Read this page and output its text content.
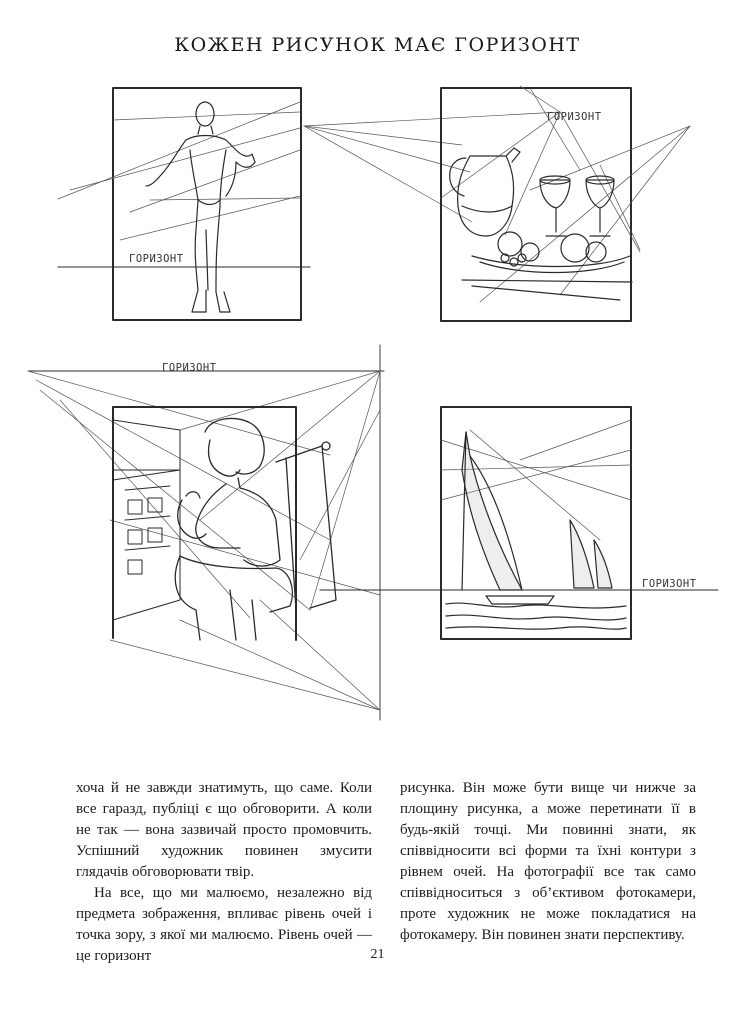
КОЖЕН РИСУНОК МАЄ ГОРИЗОНТ
ГОРИЗОНТ
ГОРИЗОНТ
ГОРИЗОНТ
ГОРИЗОНТ

хоча й не завжди знатимуть, що саме. Коли все гаразд, публіці є що обговорити. А коли не так — вона зазвичай просто промовчить. Успішний художник повинен змусити глядачів обговорювати твір.

На все, що ми малюємо, незалежно від предмета зображення, впливає рівень очей і точка зору, з якої ми малюємо. Рівень очей — це горизонт

рисунка. Він може бути вище чи нижче за площину рисунка, а може перетинати її в будь-якій точці. Ми повинні знати, як співвідносити всі форми та їхні контури з рівнем очей. На фотографії все так само співвідноситься з об’єктивом фотокамери, проте художник не може покладатися на фотокамеру. Він повинен знати перспективу.

21
